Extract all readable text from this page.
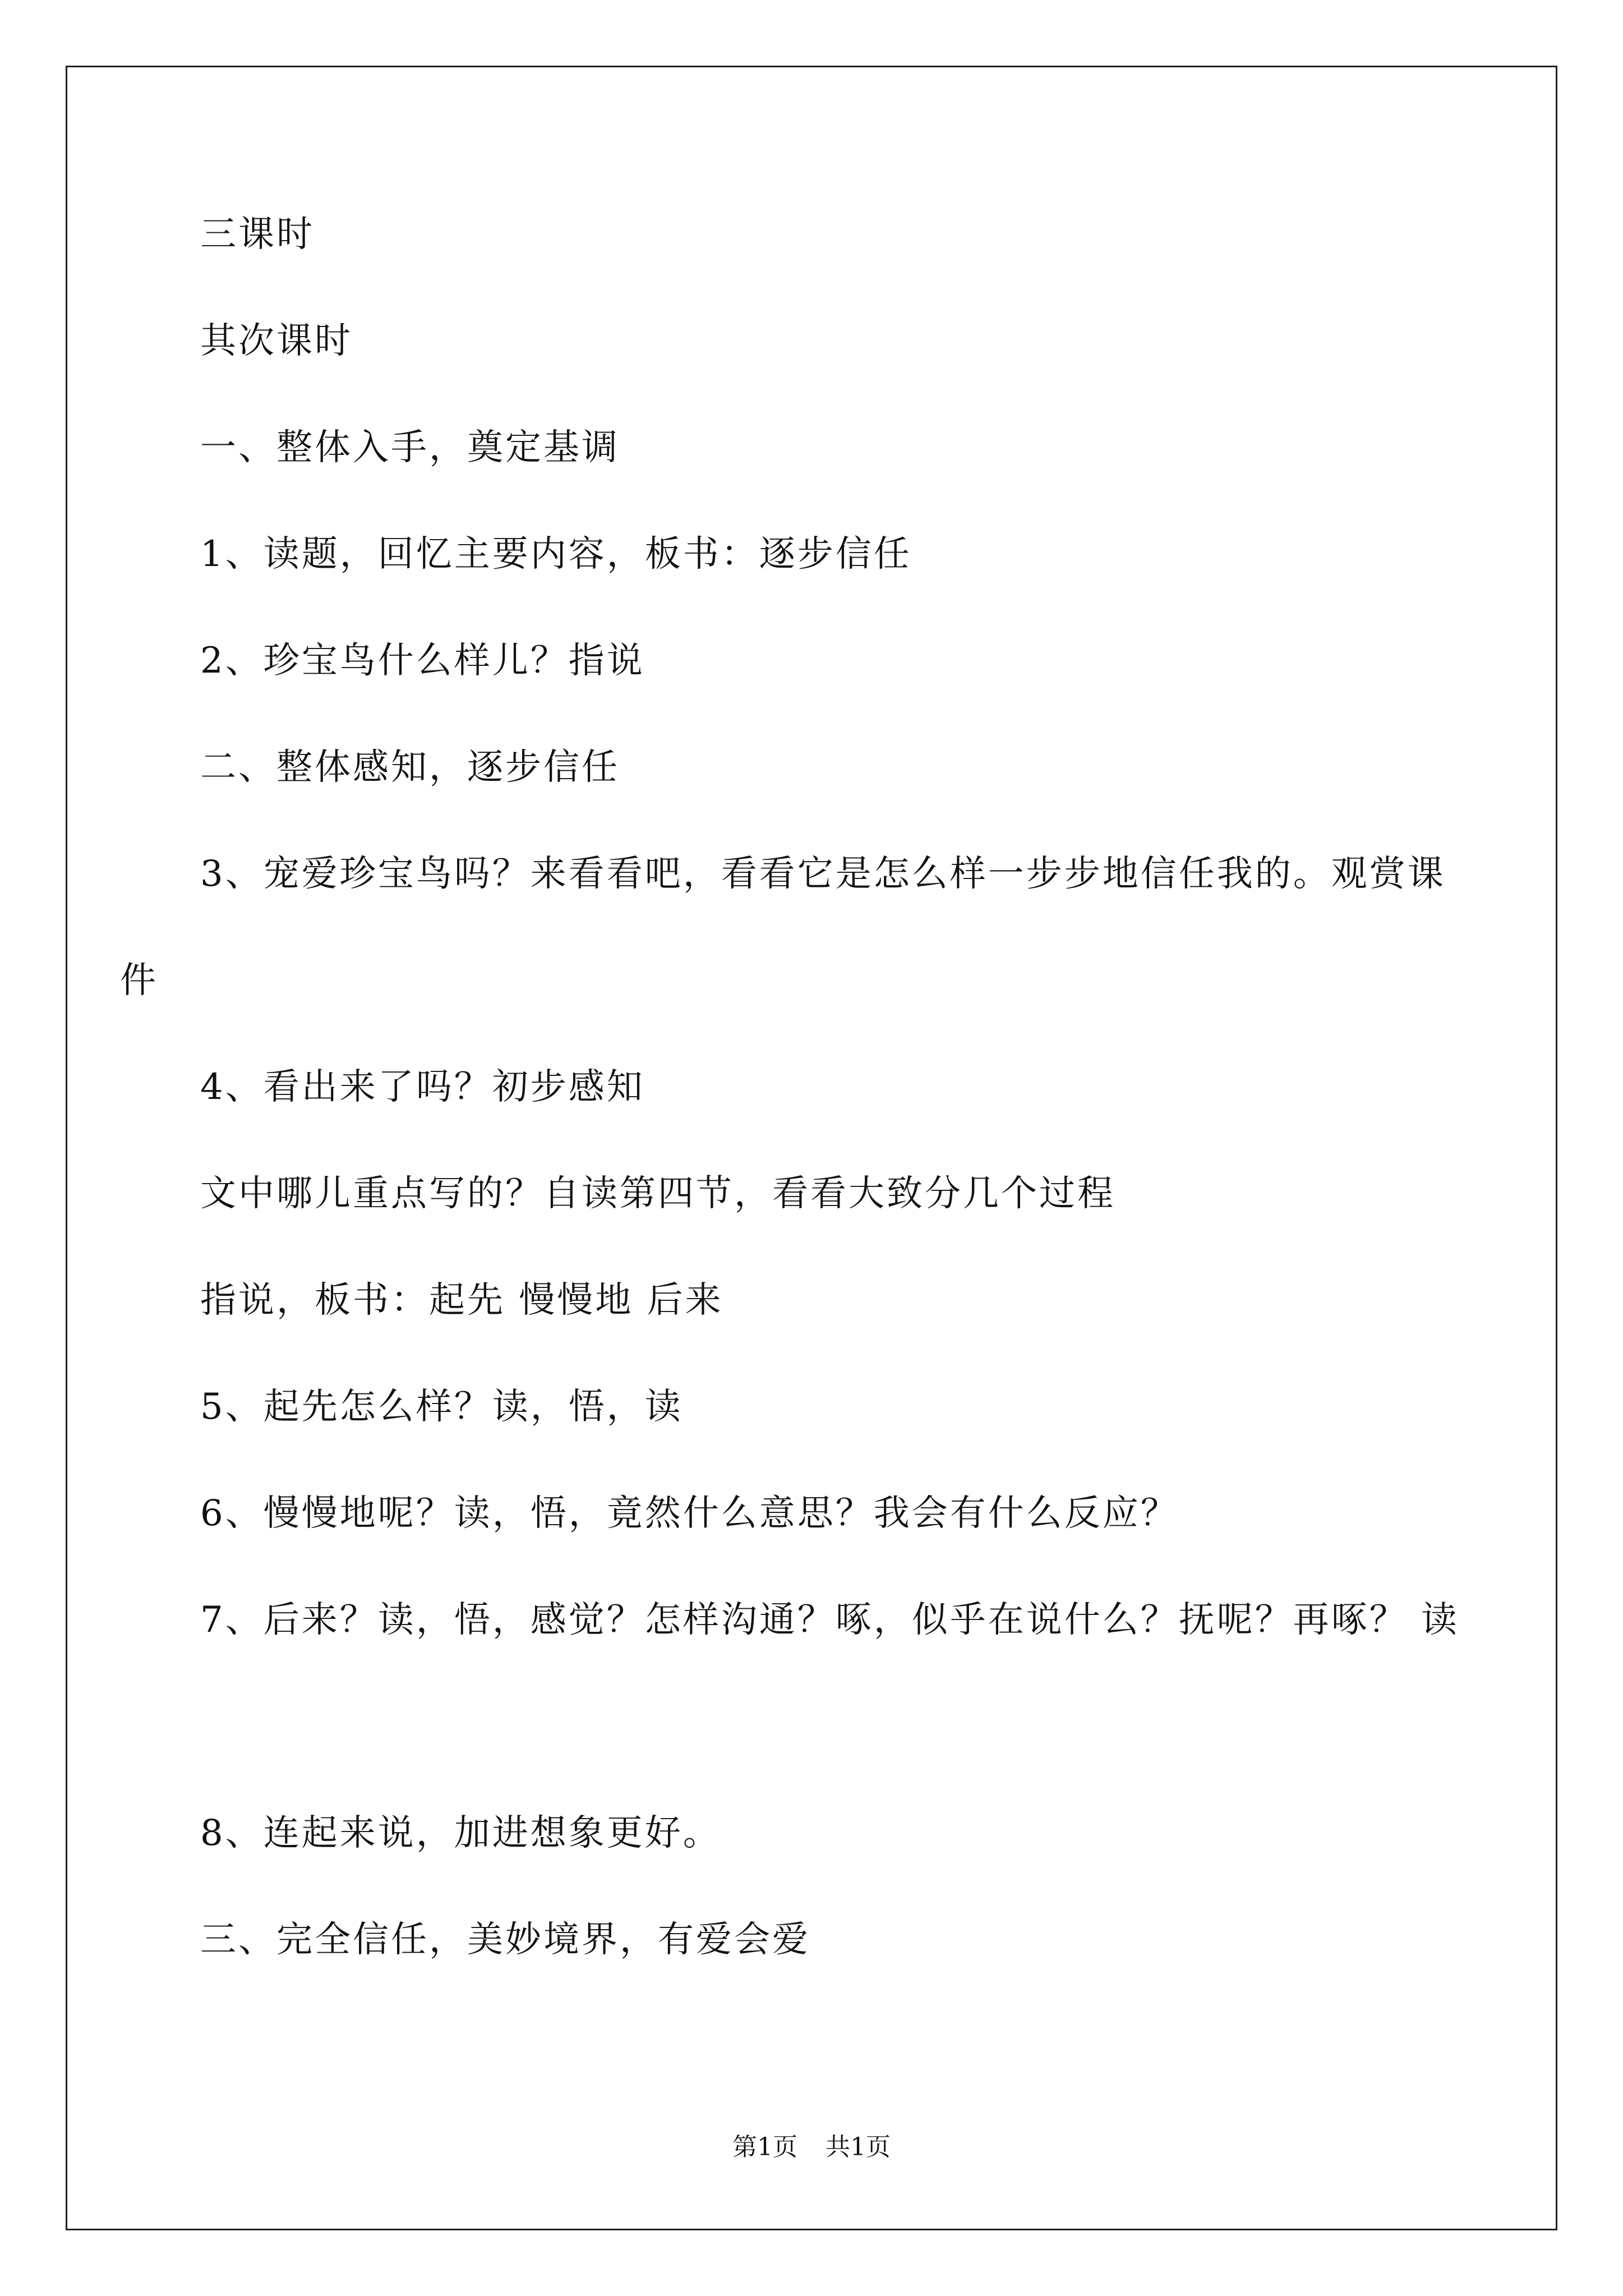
三课时
其次课时
一、整体入手，奠定基调
1、读题，回忆主要内容，板书：逐步信任
2、珍宝鸟什么样儿？指说
二、整体感知，逐步信任
3、宠爱珍宝鸟吗？来看看吧，看看它是怎么样一步步地信任我的。观赏课件
4、看出来了吗？初步感知
文中哪儿重点写的？自读第四节，看看大致分几个过程
指说，板书：起先 慢慢地 后来
5、起先怎么样？读，悟，读
6、慢慢地呢？读，悟，竟然什么意思？我会有什么反应？
7、后来？读，悟，感觉？怎样沟通？啄，似乎在说什么？抚呢？再啄？ 读
8、连起来说，加进想象更好。
三、完全信任，美妙境界，有爱会爱
第1页 共1页
